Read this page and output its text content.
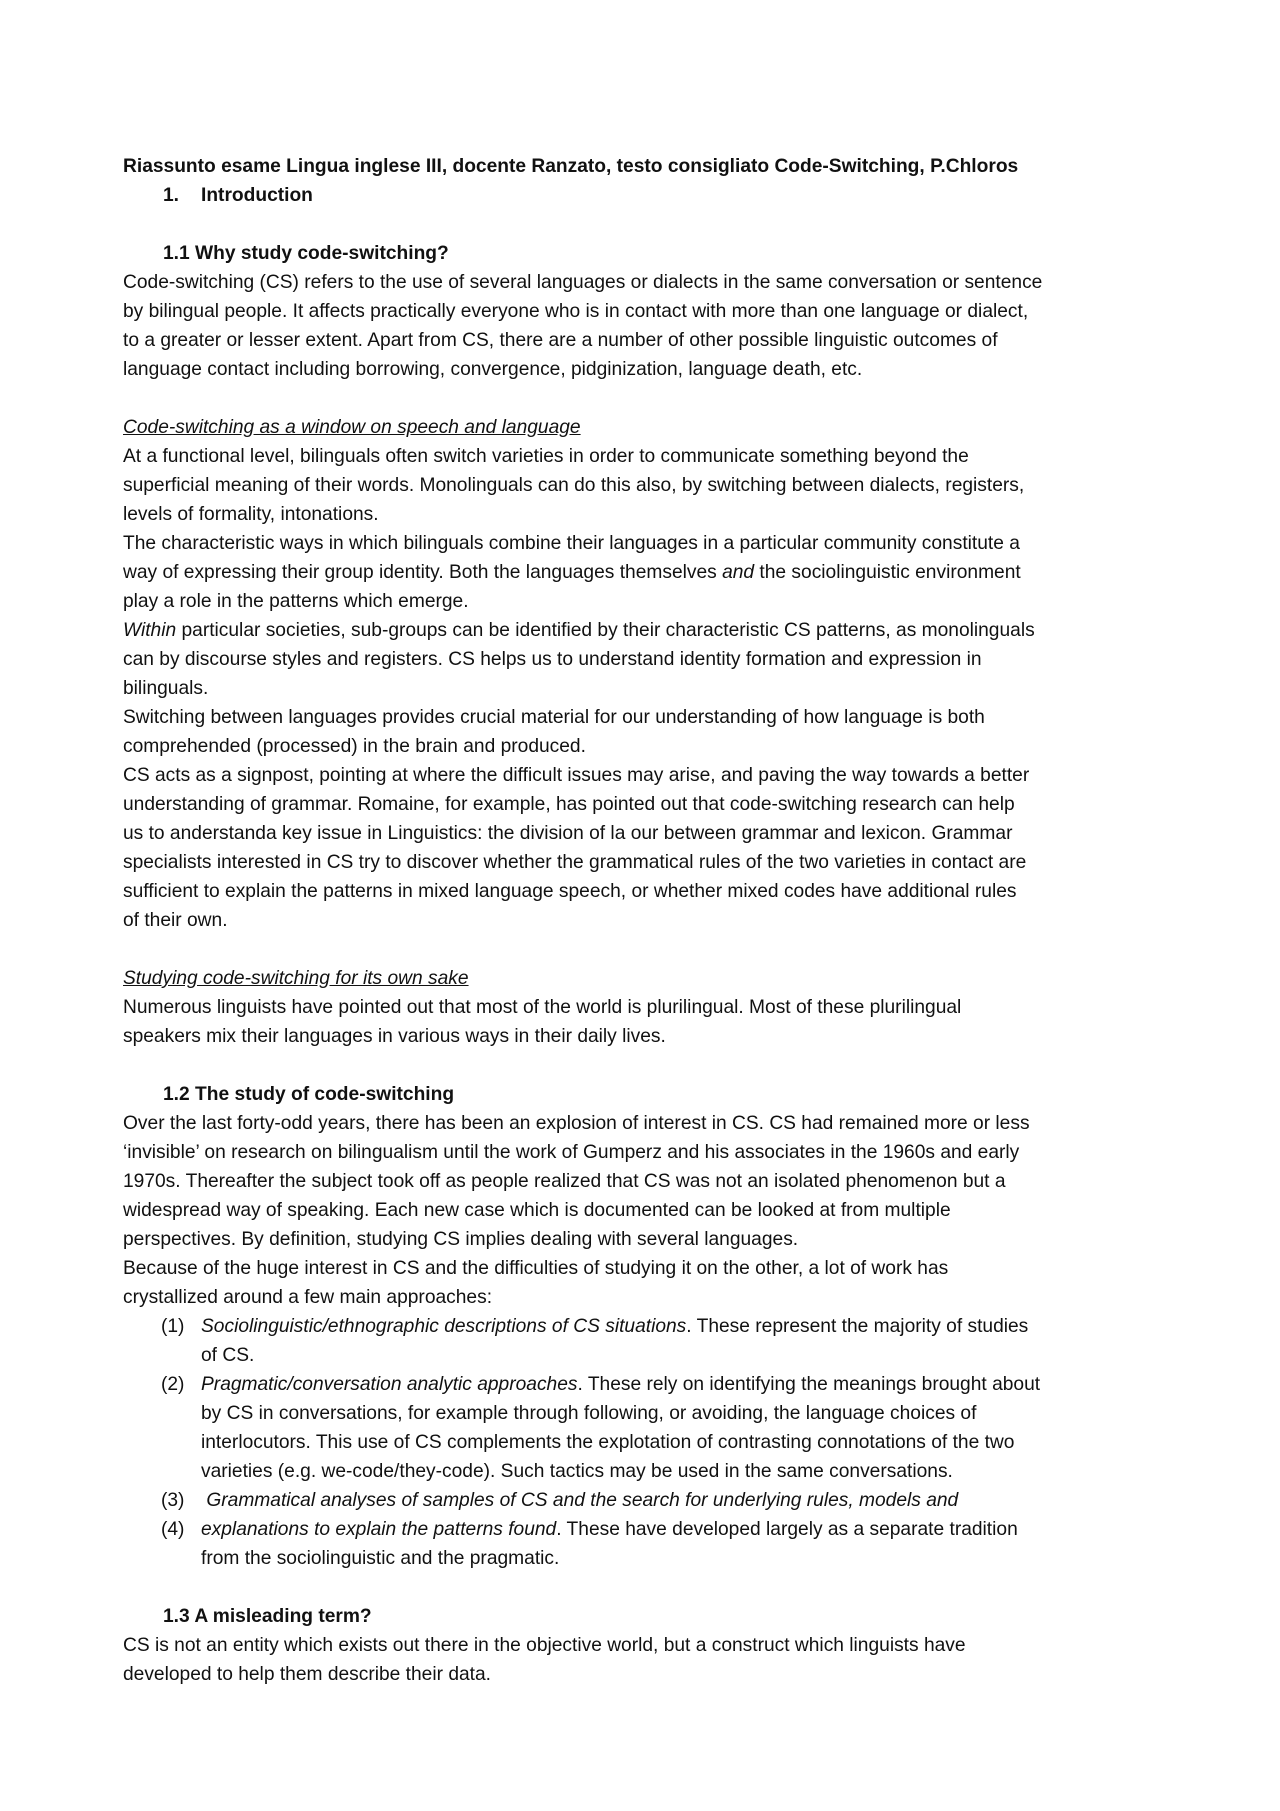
Riassunto esame Lingua inglese III, docente Ranzato, testo consigliato Code-Switching, P.Chloros
1.	Introduction
1.1 Why study code-switching?
Code-switching (CS) refers to the use of several languages or dialects in the same conversation or sentence
by bilingual people. It affects practically everyone who is in contact with more than one language or dialect,
to a greater or lesser extent. Apart from CS, there are a number of other possible linguistic outcomes of
language contact including borrowing, convergence, pidginization, language death, etc.
Code-switching as a window on speech and language
At a functional level, bilinguals often switch varieties in order to communicate something beyond the
superficial meaning of their words. Monolinguals can do this also, by switching between dialects, registers,
levels of formality, intonations.
The characteristic ways in which bilinguals combine their languages in a particular community constitute a
way of expressing their group identity. Both the languages themselves and the sociolinguistic environment
play a role in the patterns which emerge.
Within particular societies, sub-groups can be identified by their characteristic CS patterns, as monolinguals
can by discourse styles and registers. CS helps us to understand identity formation and expression in
bilinguals.
Switching between languages provides crucial material for our understanding of how language is both
comprehended (processed) in the brain and produced.
CS acts as a signpost, pointing at where the difficult issues may arise, and paving the way towards a better
understanding of grammar. Romaine, for example, has pointed out that code-switching research can help
us to anderstanda key issue in Linguistics: the division of la our between grammar and lexicon. Grammar
specialists interested in CS try to discover whether the grammatical rules of the two varieties in contact are
sufficient to explain the patterns in mixed language speech, or whether mixed codes have additional rules
of their own.
Studying code-switching for its own sake
Numerous linguists have pointed out that most of the world is plurilingual. Most of these plurilingual
speakers mix their languages in various ways in their daily lives.
1.2 The study of code-switching
Over the last forty-odd years, there has been an explosion of interest in CS. CS had remained more or less
‘invisible’ on research on bilingualism until the work of Gumperz and his associates in the 1960s and early
1970s. Thereafter the subject took off as people realized that CS was not an isolated phenomenon but a
widespread way of speaking. Each new case which is documented can be looked at from multiple
perspectives. By definition, studying CS implies dealing with several languages.
Because of the huge interest in CS and the difficulties of studying it on the other, a lot of work has
crystallized around a few main approaches:
(1) Sociolinguistic/ethnographic descriptions of CS situations. These represent the majority of studies
of CS.
(2) Pragmatic/conversation analytic approaches. These rely on identifying the meanings brought about
by CS in conversations, for example through following, or avoiding, the language choices of
interlocutors. This use of CS complements the explotation of contrasting connotations of the two
varieties (e.g. we-code/they-code). Such tactics may be used in the same conversations.
(3) Grammatical analyses of samples of CS and the search for underlying rules, models and
(4) explanations to explain the patterns found. These have developed largely as a separate tradition
from the sociolinguistic and the pragmatic.
1.3 A misleading term?
CS is not an entity which exists out there in the objective world, but a construct which linguists have
developed to help them describe their data.
